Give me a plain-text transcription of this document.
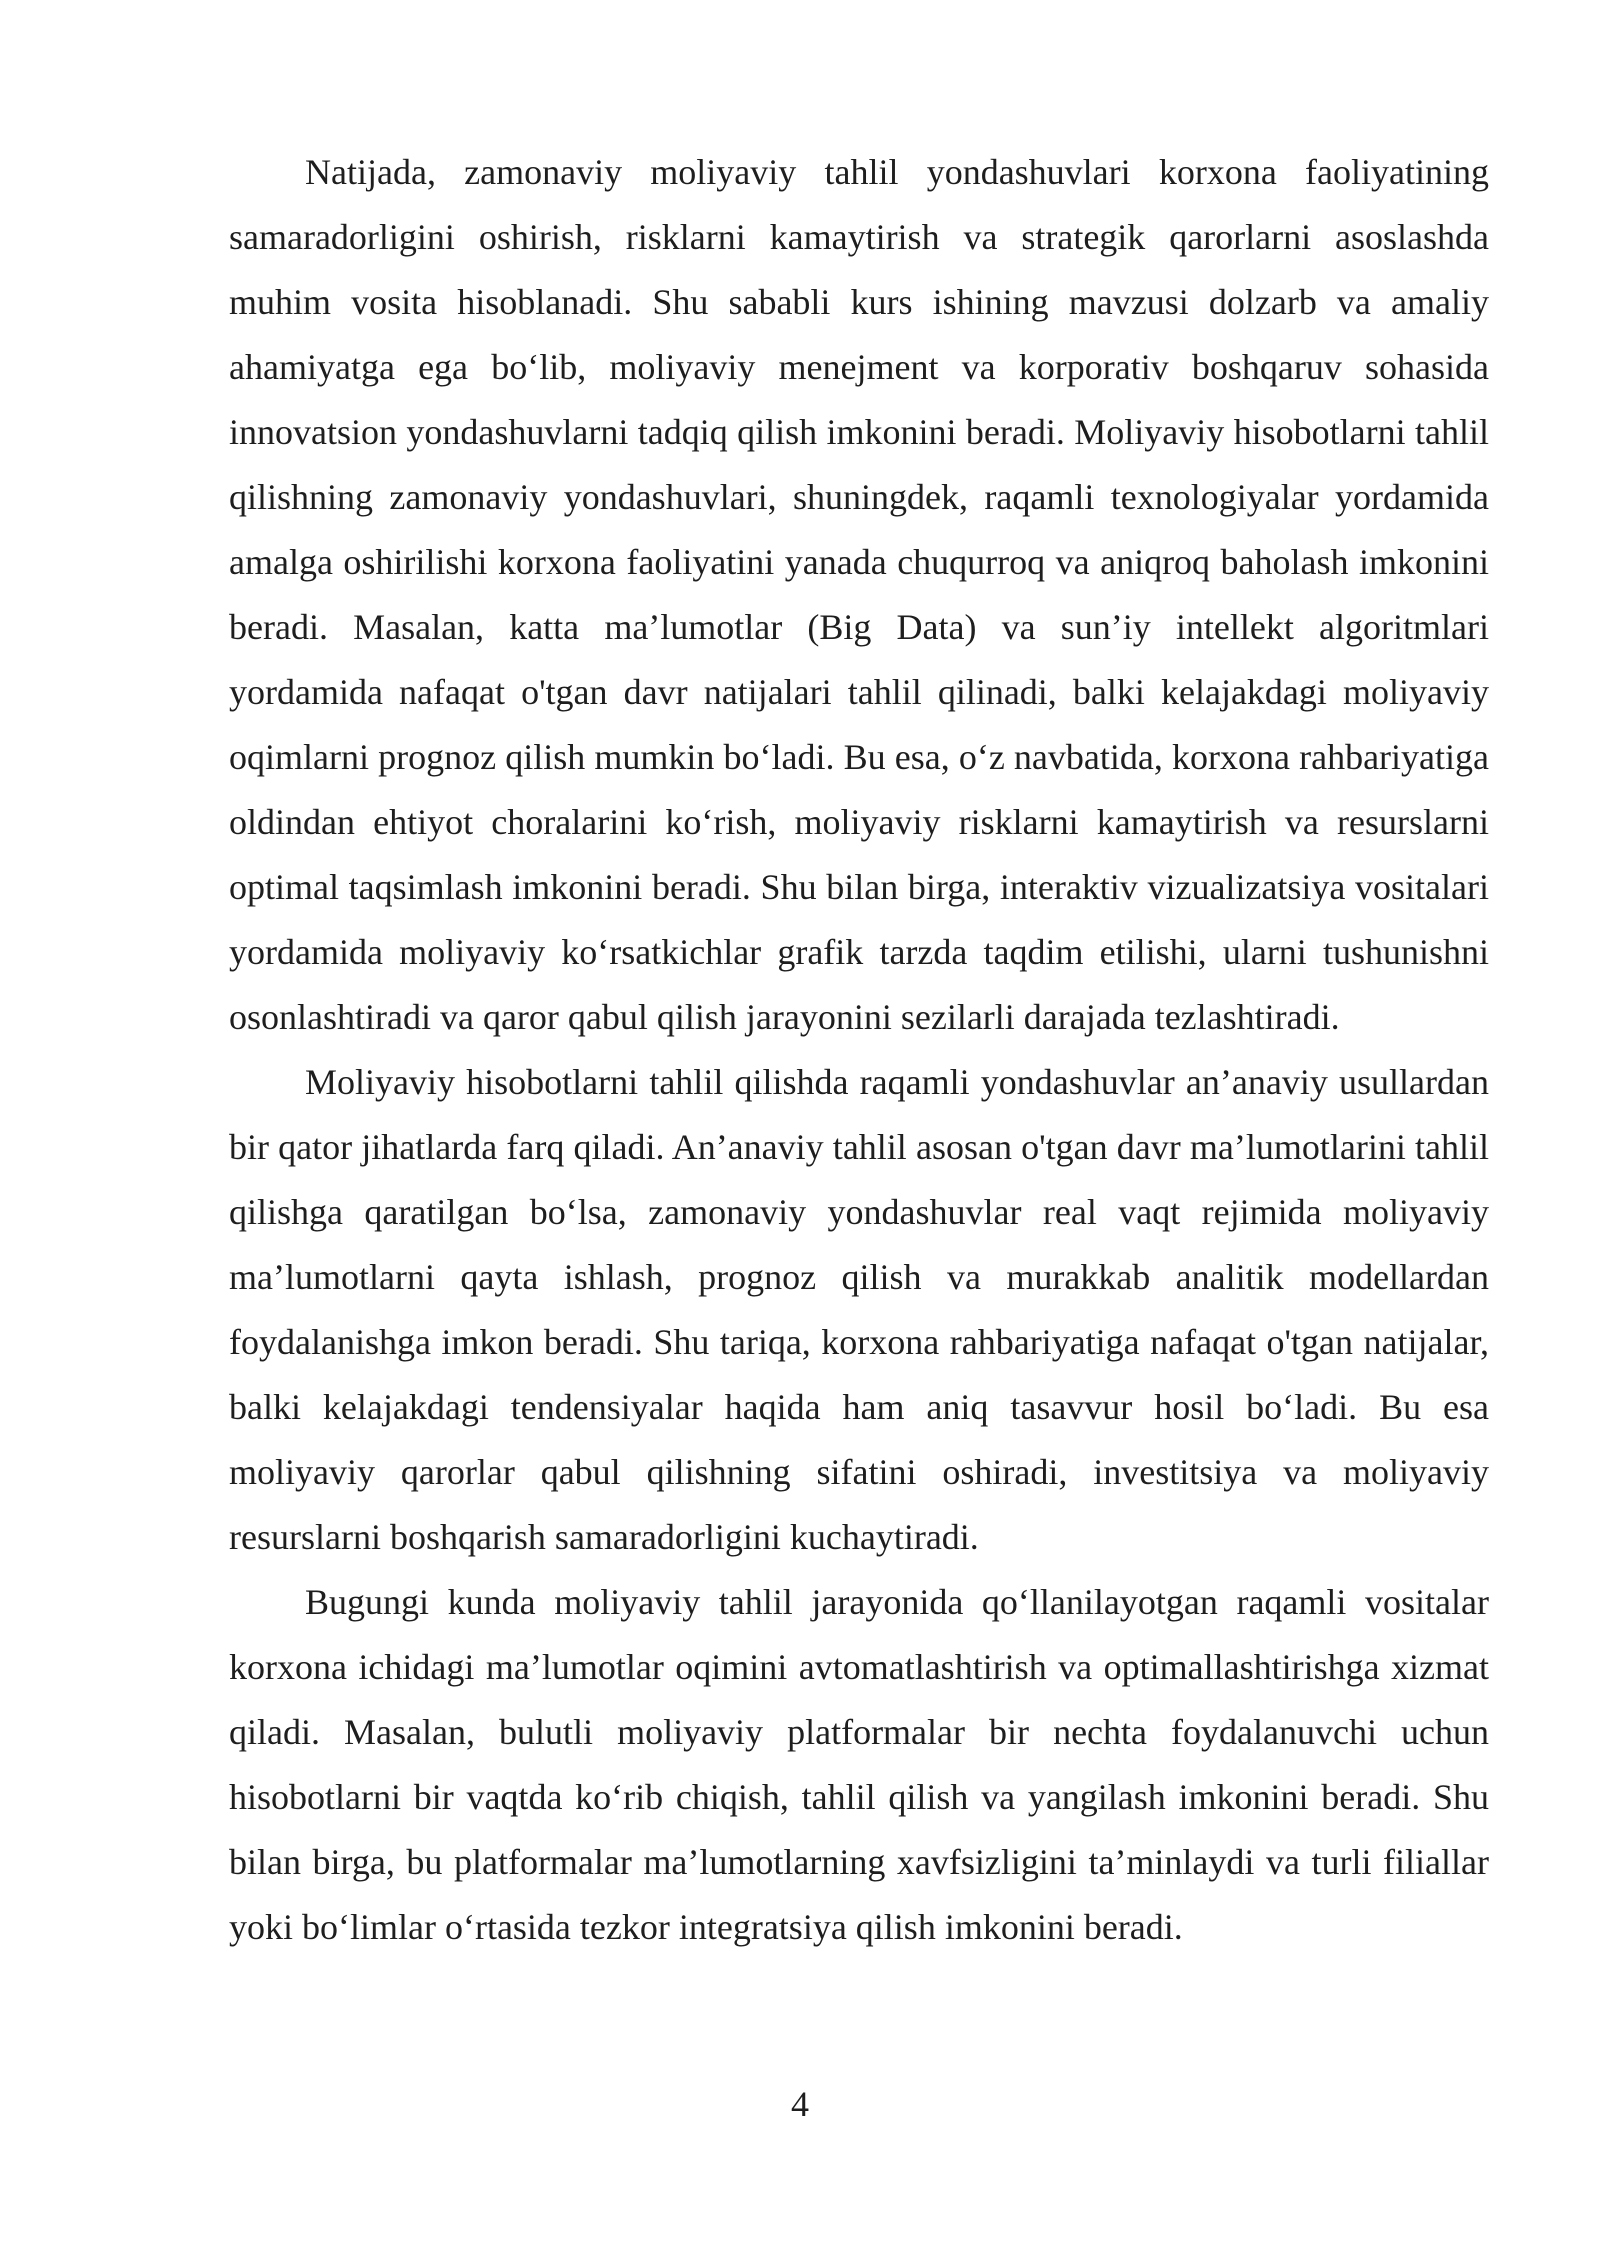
Natijada, zamonaviy moliyaviy tahlil yondashuvlari korxona faoliyatining samaradorligini oshirish, risklarni kamaytirish va strategik qarorlarni asoslashda muhim vosita hisoblanadi. Shu sababli kurs ishining mavzusi dolzarb va amaliy ahamiyatga ega bo‘lib, moliyaviy menejment va korporativ boshqaruv sohasida innovatsion yondashuvlarni tadqiq qilish imkonini beradi. Moliyaviy hisobotlarni tahlil qilishning zamonaviy yondashuvlari, shuningdek, raqamli texnologiyalar yordamida amalga oshirilishi korxona faoliyatini yanada chuqurroq va aniqroq baholash imkonini beradi. Masalan, katta ma’lumotlar (Big Data) va sun’iy intellekt algoritmlari yordamida nafaqat o'tgan davr natijalari tahlil qilinadi, balki kelajakdagi moliyaviy oqimlarni prognoz qilish mumkin bo‘ladi. Bu esa, o‘z navbatida, korxona rahbariyatiga oldindan ehtiyot choralarini ko‘rish, moliyaviy risklarni kamaytirish va resurslarni optimal taqsimlash imkonini beradi. Shu bilan birga, interaktiv vizualizatsiya vositalari yordamida moliyaviy ko‘rsatkichlar grafik tarzda taqdim etilishi, ularni tushunishni osonlashtiradi va qaror qabul qilish jarayonini sezilarli darajada tezlashtiradi.

Moliyaviy hisobotlarni tahlil qilishda raqamli yondashuvlar an’anaviy usullardan bir qator jihatlarda farq qiladi. An’anaviy tahlil asosan o'tgan davr ma’lumotlarini tahlil qilishga qaratilgan bo‘lsa, zamonaviy yondashuvlar real vaqt rejimida moliyaviy ma’lumotlarni qayta ishlash, prognoz qilish va murakkab analitik modellardan foydalanishga imkon beradi. Shu tariqa, korxona rahbariyatiga nafaqat o'tgan natijalar, balki kelajakdagi tendensiyalar haqida ham aniq tasavvur hosil bo‘ladi. Bu esa moliyaviy qarorlar qabul qilishning sifatini oshiradi, investitsiya va moliyaviy resurslarni boshqarish samaradorligini kuchaytiradi.

Bugungi kunda moliyaviy tahlil jarayonida qo‘llanilayotgan raqamli vositalar korxona ichidagi ma’lumotlar oqimini avtomatlashtirish va optimallashtirishga xizmat qiladi. Masalan, bulutli moliyaviy platformalar bir nechta foydalanuvchi uchun hisobotlarni bir vaqtda ko‘rib chiqish, tahlil qilish va yangilash imkonini beradi. Shu bilan birga, bu platformalar ma’lumotlarning xavfsizligini ta’minlaydi va turli filiallar yoki bo‘limlar o‘rtasida tezkor integratsiya qilish imkonini beradi.

4
